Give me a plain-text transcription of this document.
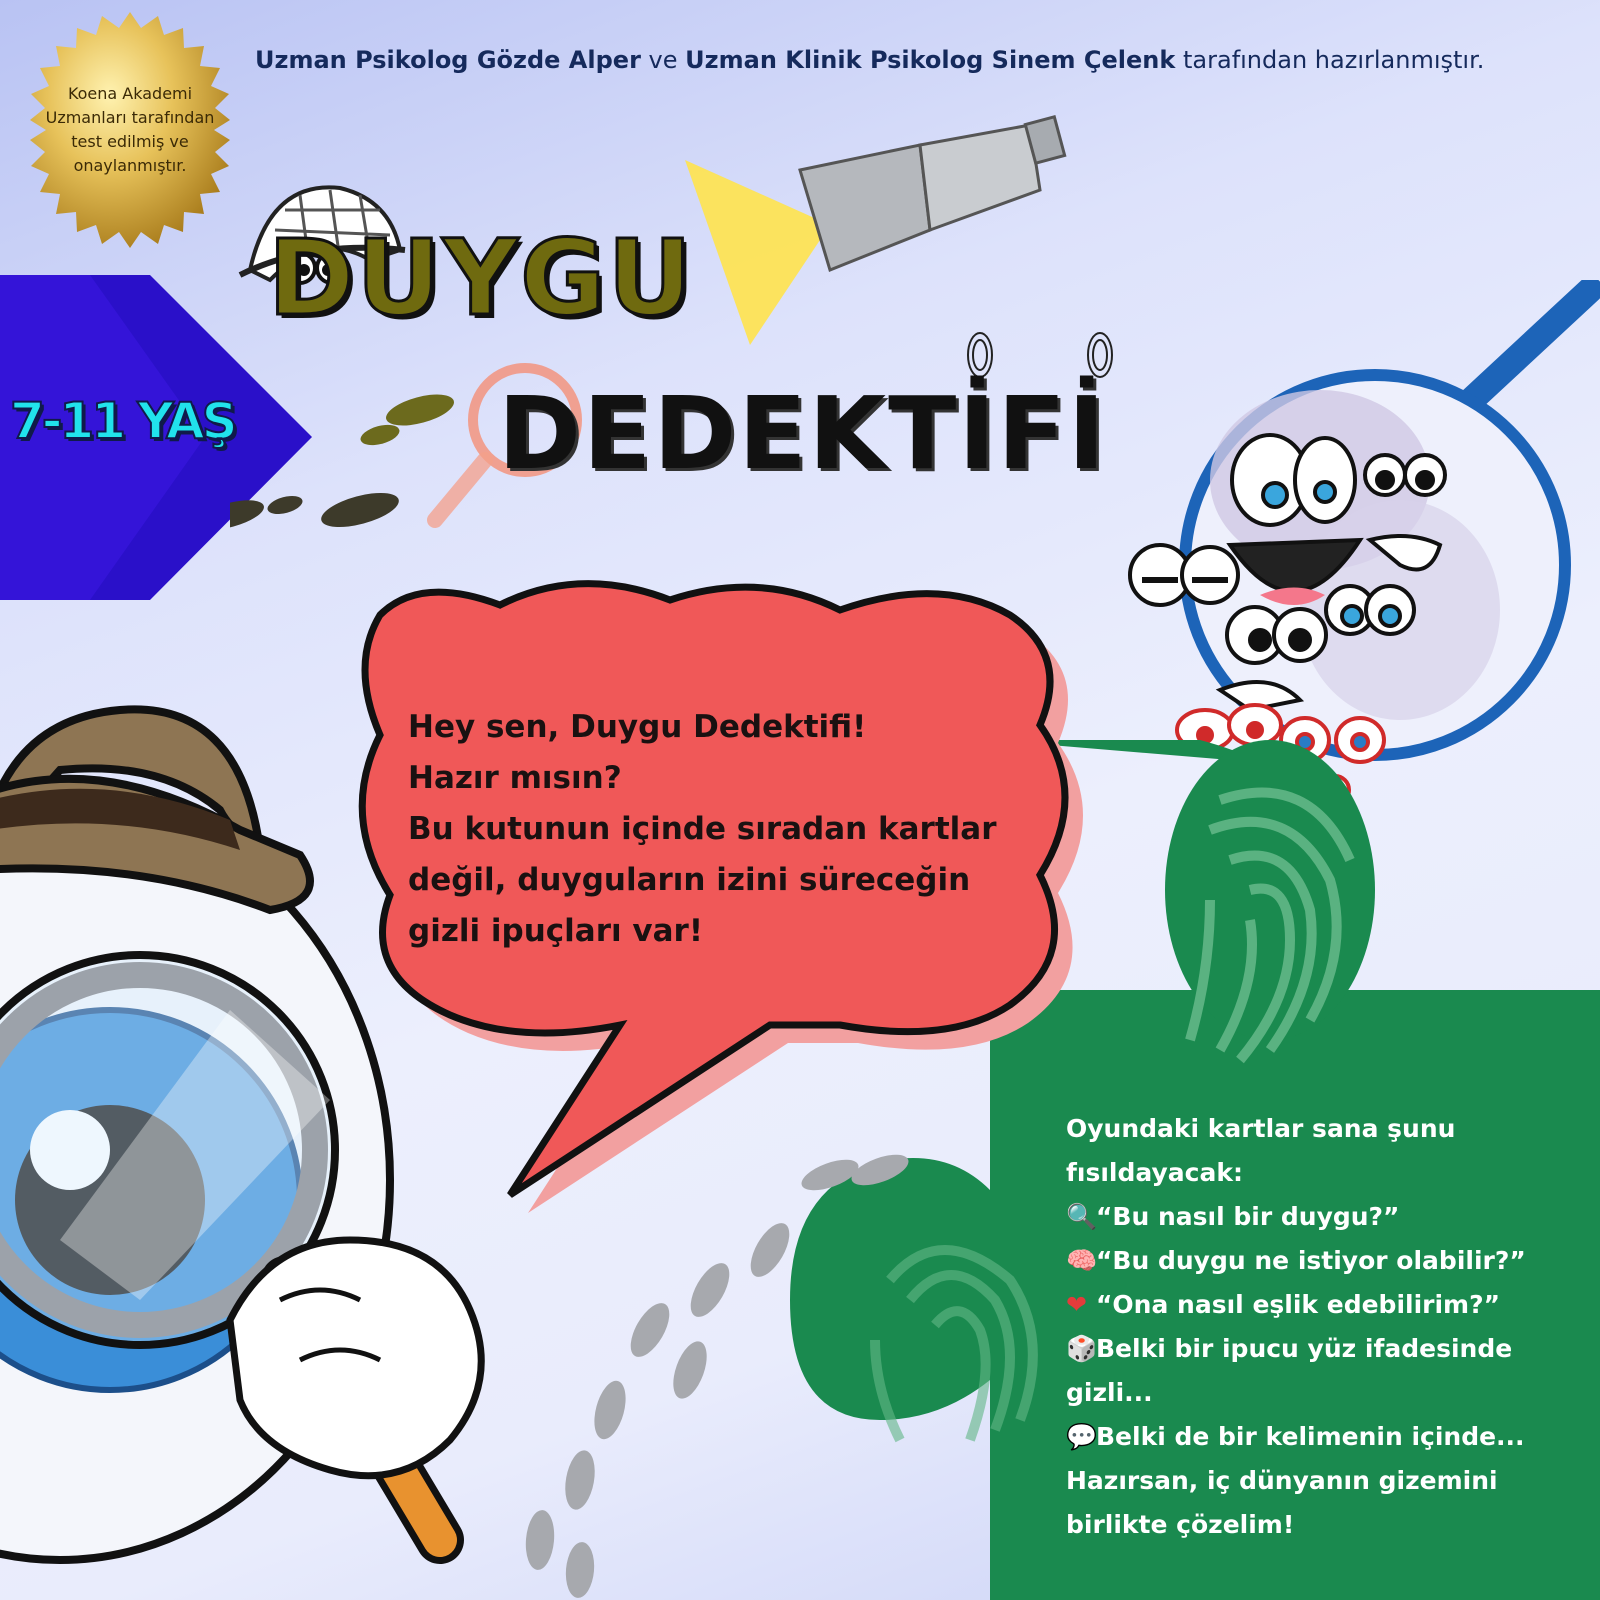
7-11 YAŞ
DUYGU
DEDEKTİFİ
Koena Akademi
Uzmanları tarafından
test edilmiş ve
onaylanmıştır.
Uzman Psikolog Gözde Alper ve Uzman Klinik Psikolog Sinem Çelenk tarafından hazırlanmıştır.
Oyundaki kartlar sana şunu
fısıldayacak:
🔍“Bu nasıl bir duygu?”
🧠“Bu duygu ne istiyor olabilir?”
❤ “Ona nasıl eşlik edebilirim?”
🎲Belki bir ipucu yüz ifadesinde
gizli...
💬Belki de bir kelimenin içinde...
Hazırsan, iç dünyanın gizemini
birlikte çözelim!
Hey sen, Duygu Dedektifi!
Hazır mısın?
Bu kutunun içinde sıradan kartlar
değil, duyguların izini süreceğin
gizli ipuçları var!
